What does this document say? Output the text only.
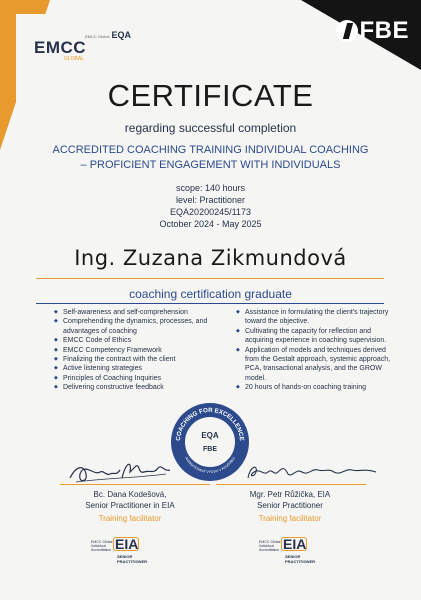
FBE
EMCC
GLOBAL
EMCC Global EQA
CERTIFICATE
regarding successful completion
ACCREDITED COACHING TRAINING INDIVIDUAL COACHING
– PROFICIENT ENGAGEMENT WITH INDIVIDUALS
scope: 140 hours
level: Practitioner
EQA20200245/1173
October 2024 - May 2025
Ing. Zuzana Zikmundová
coaching certification graduate
◆ Self-awareness and self-comprehension
◆ Comprehending the dynamics, processes, and advantages of coaching
◆ EMCC Code of Ethics
◆ EMCC Competency Framework
◆ Finalizing the contract with the client
◆ Active listening strategies
◆ Principles of Coaching Inquiries
◆ Delivering constructive feedback
◆ Assistance in formulating the client's trajectory toward the objective.
◆ Cultivating the capacity for reflection and acquiring experience in coaching supervision.
◆ Application of models and techniques derived from the Gestalt approach, systemic approach, PCA, transactional analysis, and the GROW model.
◆ 20 hours of hands-on coaching training
COACHING FOR EXCELLENCE
AKREDITOVANÝ VÝCVIK V KOUČINKU
EQA
FBE
Bc. Dana Kodešová,
Senior Practitioner in EIA
Mgr. Petr Růžička, EIA
Senior Practitioner
Training facilitator	Training facilitator
EMCC Global Individual Accreditation EIA
SENIOR PRACTITIONER
EMCC Global Individual Accreditation EIA
SENIOR PRACTITIONER
